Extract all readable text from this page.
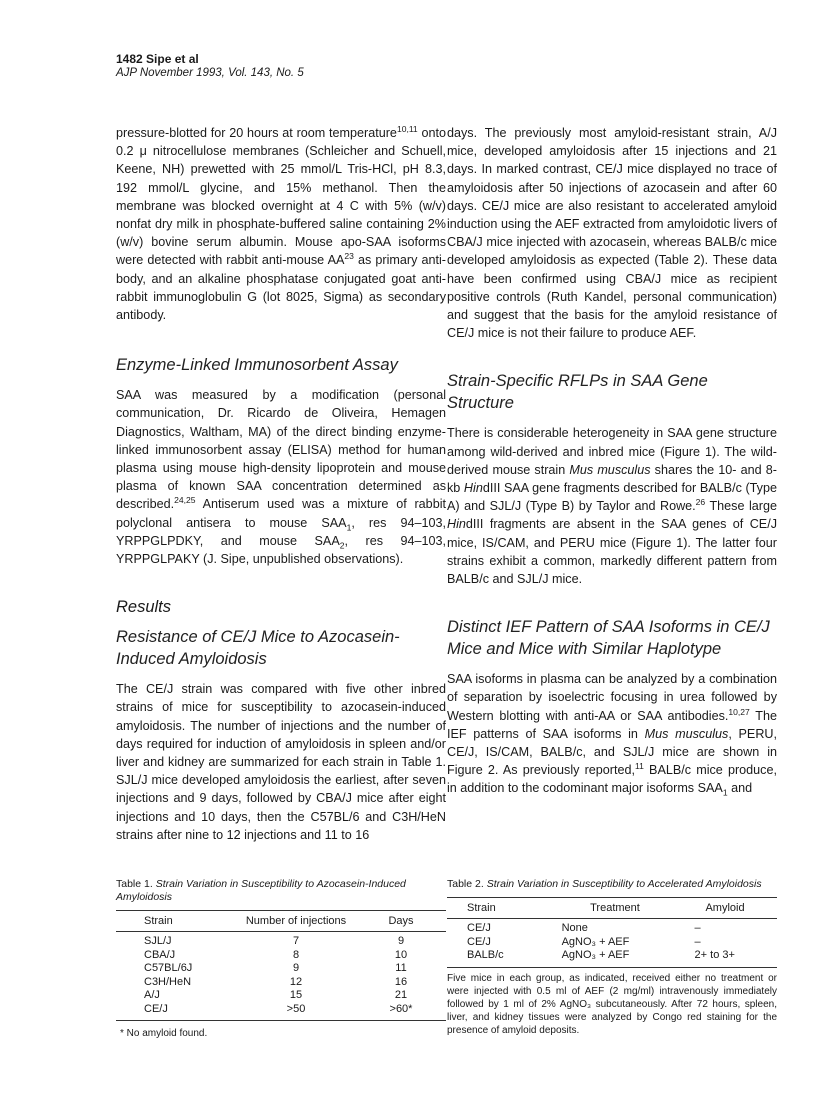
1482 Sipe et al
AJP November 1993, Vol. 143, No. 5

pressure-blotted for 20 hours at room temperature$^{10,11}$ onto 0.2 μ nitrocellulose membranes (Schleicher and Schuell, Keene, NH) prewetted with 25 mmol/L Tris-HCl, pH 8.3, 192 mmol/L glycine, and 15% methanol. Then the membrane was blocked overnight at 4 C with 5% (w/v) nonfat dry milk in phosphate-buffered saline containing 2% (w/v) bovine serum albumin. Mouse apo-SAA isoforms were detected with rabbit anti-mouse AA$^{23}$ as primary antibody, and an alkaline phosphatase conjugated goat anti-rabbit immunoglobulin G (lot 8025, Sigma) as secondary antibody.

Enzyme-Linked Immunosorbent Assay

SAA was measured by a modification (personal communication, Dr. Ricardo de Oliveira, Hemagen Diagnostics, Waltham, MA) of the direct binding enzyme-linked immunosorbent assay (ELISA) method for human plasma using mouse high-density lipoprotein and mouse plasma of known SAA concentration determined as described.$^{24,25}$ Antiserum used was a mixture of rabbit polyclonal antisera to mouse $SAA_1$, res 94–103, YRPPGLPDKY, and mouse $SAA_2$, res 94–103, YRPPGLPAKY (J. Sipe, unpublished observations).

Results
Resistance of CE/J Mice to Azocasein-Induced Amyloidosis

The CE/J strain was compared with five other inbred strains of mice for susceptibility to azocasein-induced amyloidosis. The number of injections and the number of days required for induction of amyloidosis in spleen and/or liver and kidney are summarized for each strain in Table 1. SJL/J mice developed amyloidosis the earliest, after seven injections and 9 days, followed by CBA/J mice after eight injections and 10 days, then the C57BL/6 and C3H/HeN strains after nine to 12 injections and 11 to 16

Table 1. Strain Variation in Susceptibility to Azocasein-Induced Amyloidosis
Strain	Number of injections	Days
SJL/J	7	9
CBA/J	8	10
C57BL/6J	9	11
C3H/HeN	12	16
A/J	15	21
CE/J	>50	>60*
* No amyloid found.

days. The previously most amyloid-resistant strain, A/J mice, developed amyloidosis after 15 injections and 21 days. In marked contrast, CE/J mice displayed no trace of amyloidosis after 50 injections of azocasein and after 60 days. CE/J mice are also resistant to accelerated amyloid induction using the AEF extracted from amyloidotic livers of CBA/J mice injected with azocasein, whereas BALB/c mice developed amyloidosis as expected (Table 2). These data have been confirmed using CBA/J mice as recipient positive controls (Ruth Kandel, personal communication) and suggest that the basis for the amyloid resistance of CE/J mice is not their failure to produce AEF.

Strain-Specific RFLPs in SAA Gene Structure

There is considerable heterogeneity in SAA gene structure among wild-derived and inbred mice (Figure 1). The wild-derived mouse strain Mus musculus shares the 10- and 8-kb HindIII SAA gene fragments described for BALB/c (Type A) and SJL/J (Type B) by Taylor and Rowe.$^{26}$ These large HindIII fragments are absent in the SAA genes of CE/J mice, IS/CAM, and PERU mice (Figure 1). The latter four strains exhibit a common, markedly different pattern from BALB/c and SJL/J mice.

Distinct IEF Pattern of SAA Isoforms in CE/J Mice and Mice with Similar Haplotype

SAA isoforms in plasma can be analyzed by a combination of separation by isoelectric focusing in urea followed by Western blotting with anti-AA or SAA antibodies.$^{10,27}$ The IEF patterns of SAA isoforms in Mus musculus, PERU, CE/J, IS/CAM, BALB/c, and SJL/J mice are shown in Figure 2. As previously reported,$^{11}$ BALB/c mice produce, in addition to the codominant major isoforms $SAA_1$ and

Table 2. Strain Variation in Susceptibility to Accelerated Amyloidosis
Strain	Treatment	Amyloid
CE/J	None	–
CE/J	AgNO₃ + AEF	–
BALB/c	AgNO₃ + AEF	2+ to 3+
Five mice in each group, as indicated, received either no treatment or were injected with 0.5 ml of AEF (2 mg/ml) intravenously immediately followed by 1 ml of 2% AgNO₃ subcutaneously. After 72 hours, spleen, liver, and kidney tissues were analyzed by Congo red staining for the presence of amyloid deposits.
